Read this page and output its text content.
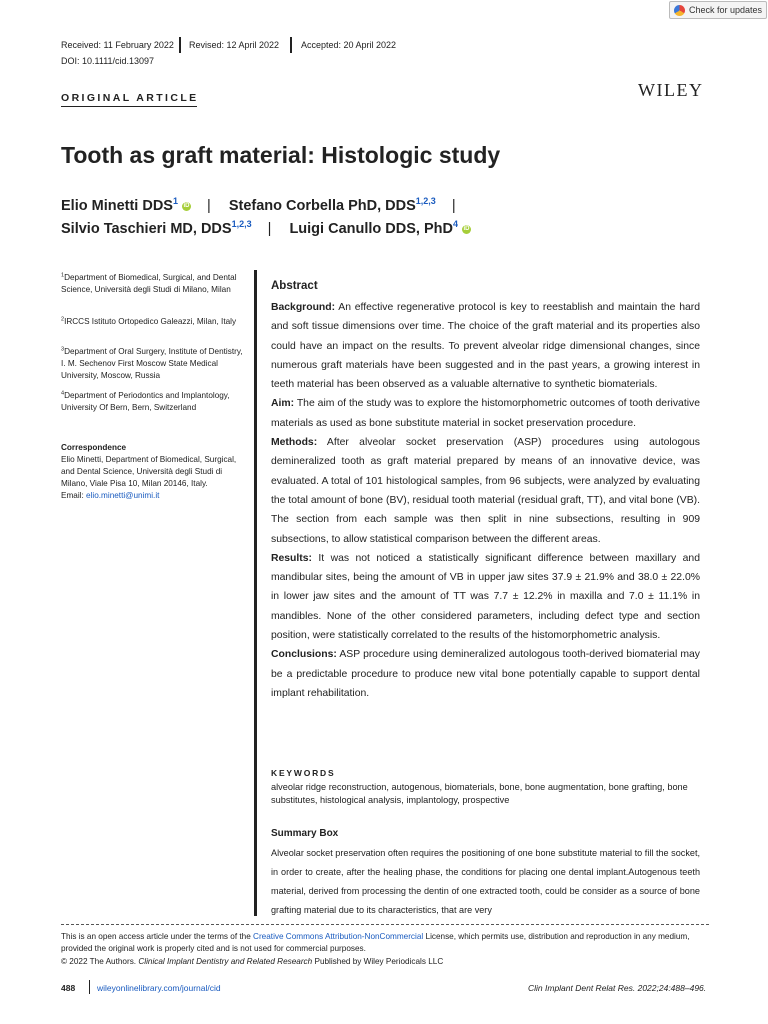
Check for updates
Received: 11 February 2022 Revised: 12 April 2022 Accepted: 20 April 2022
DOI: 10.1111/cid.13097
ORIGINAL ARTICLE	WILEY
Tooth as graft material: Histologic study
Elio Minetti DDS$^1$ iD | Stefano Corbella PhD, DDS$^{1,2,3}$ |
Silvio Taschieri MD, DDS$^{1,2,3}$ | Luigi Canullo DDS, PhD$^4$ iD
$^1$Department of Biomedical, Surgical, and Dental Science, Università degli Studi di Milano, Milan
$^2$IRCCS Istituto Ortopedico Galeazzi, Milan, Italy
$^3$Department of Oral Surgery, Institute of Dentistry, I. M. Sechenov First Moscow State Medical University, Moscow, Russia
$^4$Department of Periodontics and Implantology, University Of Bern, Bern, Switzerland
Correspondence
Elio Minetti, Department of Biomedical, Surgical, and Dental Science, Università degli Studi di Milano, Viale Pisa 10, Milan 20146, Italy.
Email: elio.minetti@unimi.it
Abstract

Background: An effective regenerative protocol is key to reestablish and maintain the hard and soft tissue dimensions over time. The choice of the graft material and its properties also could have an impact on the results. To prevent alveolar ridge dimensional changes, since numerous graft materials have been suggested and in the past years, a growing interest in teeth material has been observed as a valuable alternative to synthetic biomaterials.

Aim: The aim of the study was to explore the histomorphometric outcomes of tooth derivative materials as used as bone substitute material in socket preservation procedure.

Methods: After alveolar socket preservation (ASP) procedures using autologous demineralized tooth as graft material prepared by means of an innovative device, was evaluated. A total of 101 histological samples, from 96 subjects, were analyzed by evaluating the total amount of bone (BV), residual tooth material (residual graft, TT), and vital bone (VB). The section from each sample was then split in nine subsections, resulting in 909 subsections, to allow statistical comparison between the different areas.

Results: It was not noticed a statistically significant difference between maxillary and mandibular sites, being the amount of VB in upper jaw sites 37.9 ± 21.9% and 38.0 ± 22.0% in lower jaw sites and the amount of TT was 7.7 ± 12.2% in maxilla and 7.0 ± 11.1% in mandibles. None of the other considered parameters, including defect type and section position, were statistically correlated to the results of the histomorphometric analysis.

Conclusions: ASP procedure using demineralized autologous tooth-derived biomaterial may be a predictable procedure to produce new vital bone potentially capable to support dental implant rehabilitation.

KEYWORDS
alveolar ridge reconstruction, autogenous, biomaterials, bone, bone augmentation, bone grafting, bone substitutes, histological analysis, implantology, prospective
Summary Box
Alveolar socket preservation often requires the positioning of one bone substitute material to fill the socket, in order to create, after the healing phase, the conditions for placing one dental implant.Autogenous teeth material, derived from processing the dentin of one extracted tooth, could be consider as a source of bone grafting material due to its characteristics, that are very
This is an open access article under the terms of the Creative Commons Attribution-NonCommercial License, which permits use, distribution and reproduction in any medium, provided the original work is properly cited and is not used for commercial purposes.
© 2022 The Authors. Clinical Implant Dentistry and Related Research Published by Wiley Periodicals LLC
488	wileyonlinelibrary.com/journal/cid	Clin Implant Dent Relat Res. 2022;24:488–496.
